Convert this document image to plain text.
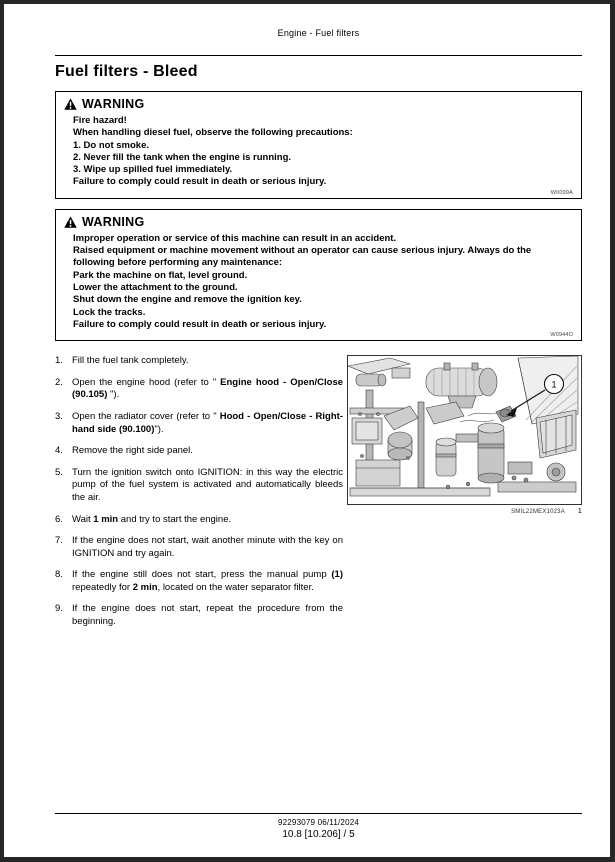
Engine - Fuel filters
Fuel filters - Bleed
WARNING
Fire hazard!
When handling diesel fuel, observe the following precautions:
1. Do not smoke.
2. Never fill the tank when the engine is running.
3. Wipe up spilled fuel immediately.
Failure to comply could result in death or serious injury.
W0099A
WARNING
Improper operation or service of this machine can result in an accident.
Raised equipment or machine movement without an operator can cause serious injury. Always do the following before performing any maintenance:
Park the machine on flat, level ground.
Lower the attachment to the ground.
Shut down the engine and remove the ignition key.
Lock the tracks.
Failure to comply could result in death or serious injury.
W0944D
1. Fill the fuel tank completely.
2. Open the engine hood (refer to " Engine hood - Open/Close (90.105) ").
3. Open the radiator cover (refer to " Hood - Open/Close - Right-hand side (90.100)").
4. Remove the right side panel.
5. Turn the ignition switch onto IGNITION: in this way the electric pump of the fuel system is activated and automatically bleeds the air.
6. Wait 1 min and try to start the engine.
7. If the engine does not start, wait another minute with the key on IGNITION and try again.
8. If the engine still does not start, press the manual pump (1) repeatedly for 2 min, located on the water separator filter.
9. If the engine does not start, repeat the procedure from the beginning.
1
SMIL22MEX1023A 1
92293079 06/11/2024
10.8 [10.206] / 5
